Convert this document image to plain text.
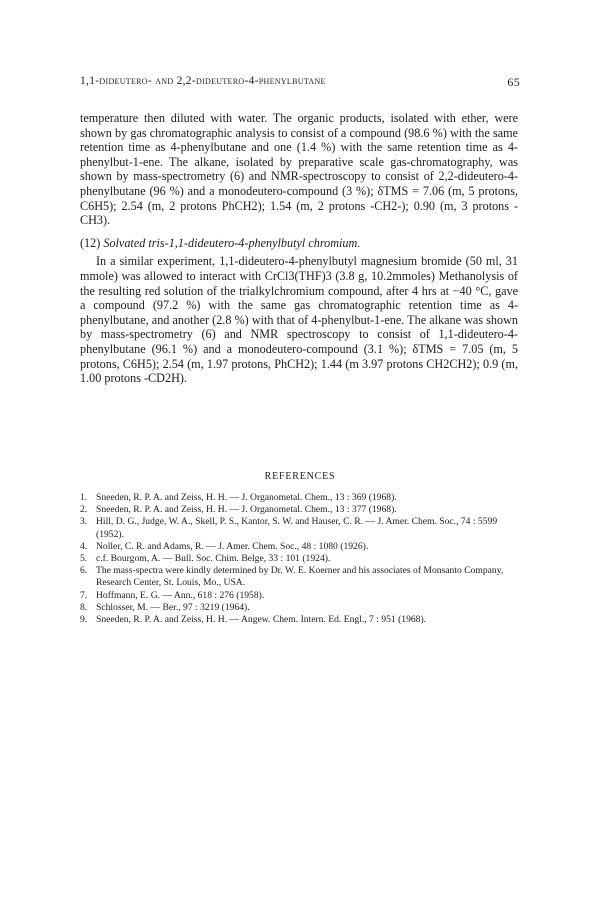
1,1-dideutero- and 2,2-dideutero-4-phenylbutane	65

temperature then diluted with water. The organic products, isolated with ether, were shown by gas chromatographic analysis to consist of a compound (98.6 %) with the same retention time as 4-phenylbutane and one (1.4 %) with the same retention time as 4-phenylbut-1-ene. The alkane, isolated by preparative scale gas-chromatography, was shown by mass-spectrometry (6) and NMR-spectroscopy to consist of 2,2-dideutero-4-phenylbutane (96 %) and a monodeutero-compound (3 %); δTMS = 7.06 (m, 5 protons, C6H5); 2.54 (m, 2 protons PhCH2); 1.54 (m, 2 protons -CH2-); 0.90 (m, 3 protons -CH3).

(12) Solvated tris-1,1-dideutero-4-phenylbutyl chromium.

In a similar experiment, 1,1-dideutero-4-phenylbutyl magnesium bromide (50 ml, 31 mmole) was allowed to interact with CrCl3(THF)3 (3.8 g, 10.2mmoles) Methanolysis of the resulting red solution of the trialkylchromium compound, after 4 hrs at −40 °C, gave a compound (97.2 %) with the same gas chromatographic retention time as 4-phenylbutane, and another (2.8 %) with that of 4-phenylbut-1-ene. The alkane was shown by mass-spectrometry (6) and NMR spectroscopy to consist of 1,1-dideutero-4-phenylbutane (96.1 %) and a monodeutero-compound (3.1 %); δTMS = 7.05 (m, 5 protons, C6H5); 2.54 (m, 1.97 protons, PhCH2); 1.44 (m 3.97 protons CH2CH2); 0.9 (m, 1.00 protons -CD2H).

REFERENCES
1. Sneeden, R. P. A. and Zeiss, H. H. — J. Organometal. Chem., 13 : 369 (1968).
2. Sneeden, R. P. A. and Zeiss, H. H. — J. Organometal. Chem., 13 : 377 (1968).
3. Hill, D. G., Judge, W. A., Skell, P. S., Kantor, S. W. and Hauser, C. R. — J. Amer. Chem. Soc., 74 : 5599 (1952).
4. Noller, C. R. and Adams, R. — J. Amer. Chem. Soc., 48 : 1080 (1926).
5. c.f. Bourgom, A. — Bull. Soc. Chim. Belge, 33 : 101 (1924).
6. The mass-spectra were kindly determined by Dr. W. E. Koerner and his associates of Monsanto Company, Research Center, St. Louis, Mo., USA.
7. Hoffmann, E. G. — Ann., 618 : 276 (1958).
8. Schlosser, M. — Ber., 97 : 3219 (1964).
9. Sneeden, R. P. A. and Zeiss, H. H. — Angew. Chem. Intern. Ed. Engl., 7 : 951 (1968).
